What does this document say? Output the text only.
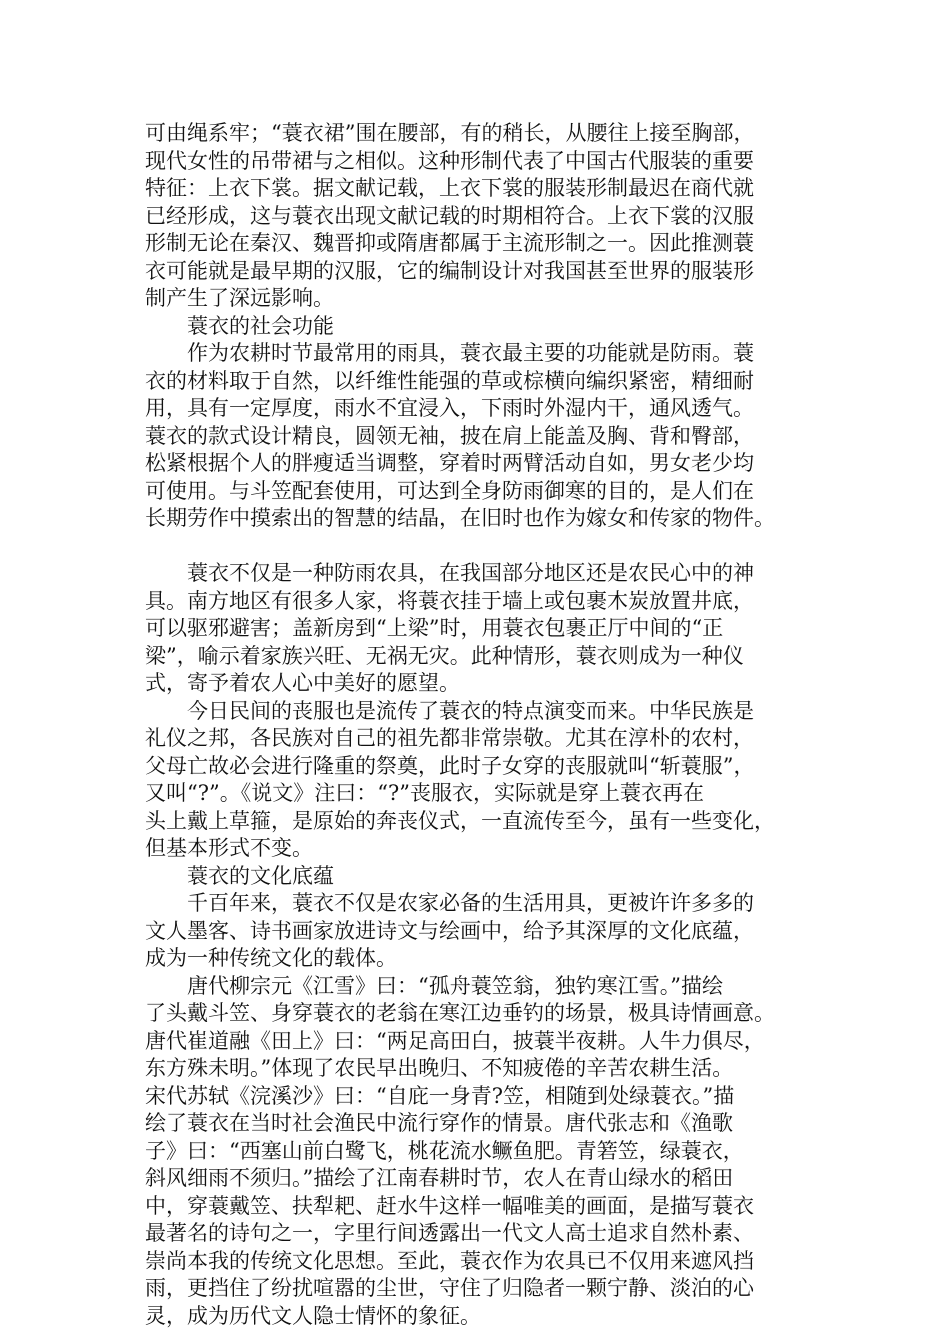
可由绳系牢；“蓑衣裙”围在腰部，有的稍长，从腰往上接至胸部，
现代女性的吊带裙与之相似。这种形制代表了中国古代服装的重要
特征：上衣下裳。据文献记载，上衣下裳的服装形制最迟在商代就
已经形成，这与蓑衣出现文献记载的时期相符合。上衣下裳的汉服
形制无论在秦汉、魏晋抑或隋唐都属于主流形制之一。因此推测蓑
衣可能就是最早期的汉服，它的编制设计对我国甚至世界的服装形
制产生了深远影响。
蓑衣的社会功能
作为农耕时节最常用的雨具，蓑衣最主要的功能就是防雨。蓑
衣的材料取于自然，以纤维性能强的草或棕横向编织紧密，精细耐
用，具有一定厚度，雨水不宜浸入，下雨时外湿内干，通风透气。
蓑衣的款式设计精良，圆领无袖，披在肩上能盖及胸、背和臀部，
松紧根据个人的胖瘦适当调整，穿着时两臂活动自如，男女老少均
可使用。与斗笠配套使用，可达到全身防雨御寒的目的，是人们在
长期劳作中摸索出的智慧的结晶，在旧时也作为嫁女和传家的物件。
蓑衣不仅是一种防雨农具，在我国部分地区还是农民心中的神
具。南方地区有很多人家，将蓑衣挂于墙上或包裹木炭放置井底，
可以驱邪避害；盖新房到“上梁”时，用蓑衣包裹正厅中间的“正
梁”，喻示着家族兴旺、无祸无灾。此种情形，蓑衣则成为一种仪
式，寄予着农人心中美好的愿望。
今日民间的丧服也是流传了蓑衣的特点演变而来。中华民族是
礼仪之邦，各民族对自己的祖先都非常崇敬。尤其在淳朴的农村，
父母亡故必会进行隆重的祭奠，此时子女穿的丧服就叫“斩蓑服”，
又叫“?”。《说文》注曰：“?”丧服衣，实际就是穿上蓑衣再在
头上戴上草箍，是原始的奔丧仪式，一直流传至今，虽有一些变化，
但基本形式不变。
蓑衣的文化底蕴
千百年来，蓑衣不仅是农家必备的生活用具，更被许许多多的
文人墨客、诗书画家放进诗文与绘画中，给予其深厚的文化底蕴，
成为一种传统文化的载体。
唐代柳宗元《江雪》曰：“孤舟蓑笠翁，独钓寒江雪。”描绘
了头戴斗笠、身穿蓑衣的老翁在寒江边垂钓的场景，极具诗情画意。
唐代崔道融《田上》曰：“两足高田白，披蓑半夜耕。人牛力俱尽，
东方殊未明。”体现了农民早出晚归、不知疲倦的辛苦农耕生活。
宋代苏轼《浣溪沙》曰：“自庇一身青?笠，相随到处绿蓑衣。”描
绘了蓑衣在当时社会渔民中流行穿作的情景。唐代张志和《渔歌
子》曰：“西塞山前白鹭飞，桃花流水鳜鱼肥。青箬笠，绿蓑衣，
斜风细雨不须归。”描绘了江南春耕时节，农人在青山绿水的稻田
中，穿蓑戴笠、扶犁耙、赶水牛这样一幅唯美的画面，是描写蓑衣
最著名的诗句之一，字里行间透露出一代文人高士追求自然朴素、
崇尚本我的传统文化思想。至此，蓑衣作为农具已不仅用来遮风挡
雨，更挡住了纷扰喧嚣的尘世，守住了归隐者一颗宁静、淡泊的心
灵，成为历代文人隐士情怀的象征。
